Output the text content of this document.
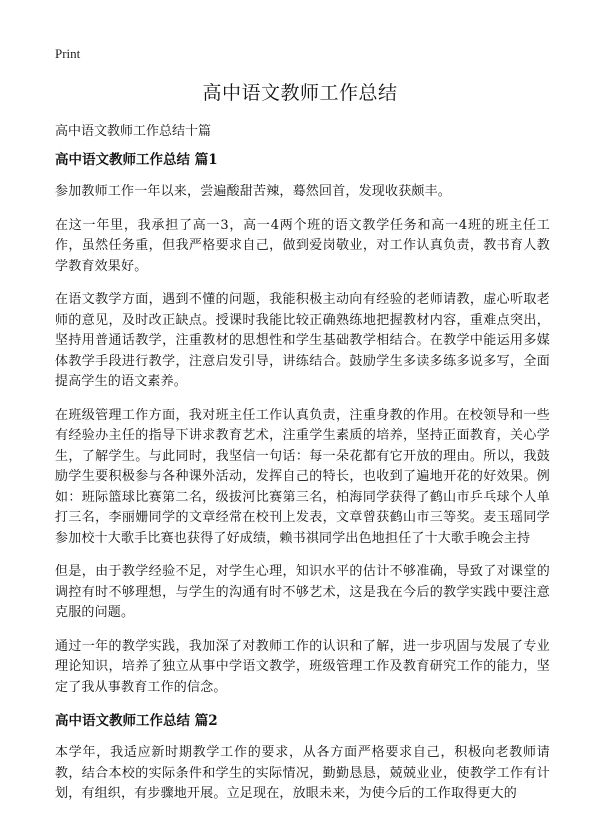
Print
高中语文教师工作总结

高中语文教师工作总结十篇

高中语文教师工作总结 篇1

参加教师工作一年以来，尝遍酸甜苦辣，蓦然回首，发现收获颇丰。

在这一年里，我承担了高一3，高一4两个班的语文教学任务和高一4班的班主任工作，虽然任务重，但我严格要求自己，做到爱岗敬业，对工作认真负责，教书育人教学教育效果好。

在语文教学方面，遇到不懂的问题，我能积极主动向有经验的老师请教，虚心听取老师的意见，及时改正缺点。授课时我能比较正确熟练地把握教材内容，重难点突出，坚持用普通话教学，注重教材的思想性和学生基础教学相结合。在教学中能运用多媒体教学手段进行教学，注意启发引导，讲练结合。鼓励学生多读多练多说多写，全面提高学生的语文素养。

在班级管理工作方面，我对班主任工作认真负责，注重身教的作用。在校领导和一些有经验办主任的指导下讲求教育艺术，注重学生素质的培养，坚持正面教育，关心学生，了解学生。与此同时，我坚信一句话：每一朵花都有它开放的理由。所以，我鼓励学生要积极参与各种课外活动，发挥自己的特长，也收到了遍地开花的好效果。例如：班际篮球比赛第二名，级拔河比赛第三名，柏海同学获得了鹤山市乒乓球个人单打三名，李丽姗同学的文章经常在校刊上发表，文章曾获鹤山市三等奖。麦玉瑶同学参加校十大歌手比赛也获得了好成绩，赖书祺同学出色地担任了十大歌手晚会主持

但是，由于教学经验不足，对学生心理，知识水平的估计不够准确，导致了对课堂的调控有时不够理想，与学生的沟通有时不够艺术，这是我在今后的教学实践中要注意克服的问题。

通过一年的教学实践，我加深了对教师工作的认识和了解，进一步巩固与发展了专业理论知识，培养了独立从事中学语文教学，班级管理工作及教育研究工作的能力，坚定了我从事教育工作的信念。

高中语文教师工作总结 篇2

本学年，我适应新时期教学工作的要求，从各方面严格要求自己，积极向老教师请教，结合本校的实际条件和学生的实际情况，勤勤恳恳，兢兢业业，使教学工作有计划，有组织，有步骤地开展。立足现在，放眼未来，为使今后的工作取得更大的
